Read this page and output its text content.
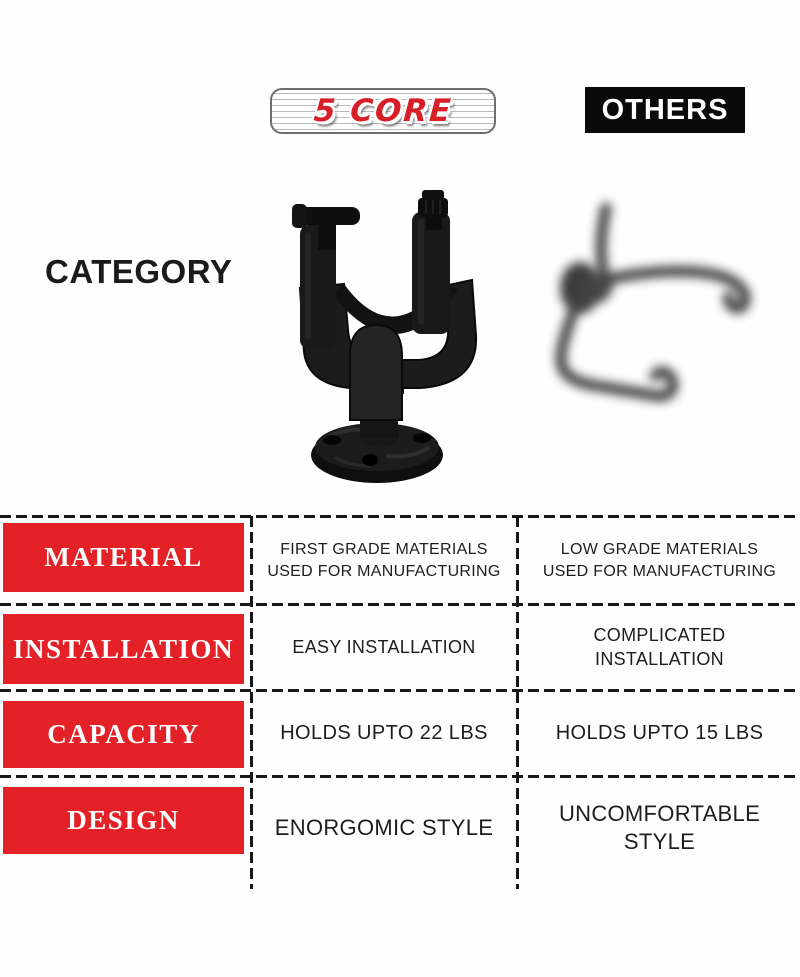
5 CORE	OTHERS
CATEGORY
MATERIAL
INSTALLATION
CAPACITY
DESIGN
FIRST GRADE MATERIALS USED FOR MANUFACTURING
LOW GRADE MATERIALS USED FOR MANUFACTURING
EASY INSTALLATION
COMPLICATED INSTALLATION
HOLDS UPTO 22 LBS	HOLDS UPTO 15 LBS
ENORGOMIC STYLE
UNCOMFORTABLE STYLE
